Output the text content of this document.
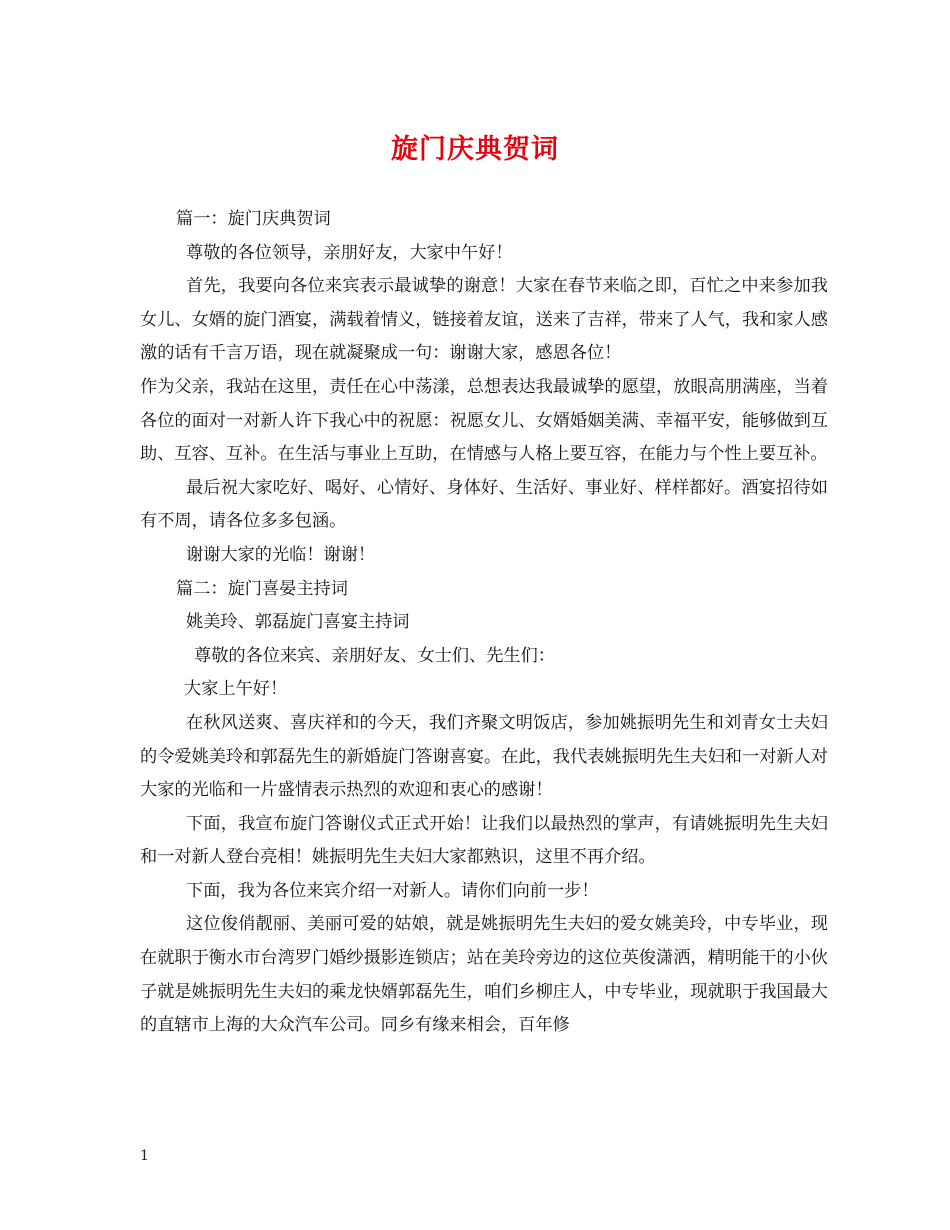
旋门庆典贺词

篇一：旋门庆典贺词

尊敬的各位领导，亲朋好友，大家中午好！

首先，我要向各位来宾表示最诚挚的谢意！大家在春节来临之即，百忙之中来参加我女儿、女婿的旋门酒宴，满载着情义，链接着友谊，送来了吉祥，带来了人气，我和家人感激的话有千言万语，现在就凝聚成一句：谢谢大家，感恩各位！

作为父亲，我站在这里，责任在心中荡漾，总想表达我最诚挚的愿望，放眼高朋满座，当着各位的面对一对新人许下我心中的祝愿：祝愿女儿、女婿婚姻美满、幸福平安，能够做到互助、互容、互补。在生活与事业上互助，在情感与人格上要互容，在能力与个性上要互补。

最后祝大家吃好、喝好、心情好、身体好、生活好、事业好、样样都好。酒宴招待如有不周，请各位多多包涵。

谢谢大家的光临！谢谢！

篇二：旋门喜晏主持词

姚美玲、郭磊旋门喜宴主持词

尊敬的各位来宾、亲朋好友、女士们、先生们：

大家上午好！

在秋风送爽、喜庆祥和的今天，我们齐聚文明饭店，参加姚振明先生和刘青女士夫妇的令爱姚美玲和郭磊先生的新婚旋门答谢喜宴。在此，我代表姚振明先生夫妇和一对新人对大家的光临和一片盛情表示热烈的欢迎和衷心的感谢！

下面，我宣布旋门答谢仪式正式开始！让我们以最热烈的掌声，有请姚振明先生夫妇和一对新人登台亮相！姚振明先生夫妇大家都熟识，这里不再介绍。

下面，我为各位来宾介绍一对新人。请你们向前一步！

这位俊俏靓丽、美丽可爱的姑娘，就是姚振明先生夫妇的爱女姚美玲，中专毕业，现在就职于衡水市台湾罗门婚纱摄影连锁店；站在美玲旁边的这位英俊潇洒，精明能干的小伙子就是姚振明先生夫妇的乘龙快婿郭磊先生，咱们乡柳庄人，中专毕业，现就职于我国最大的直辖市上海的大众汽车公司。同乡有缘来相会，百年修

1
